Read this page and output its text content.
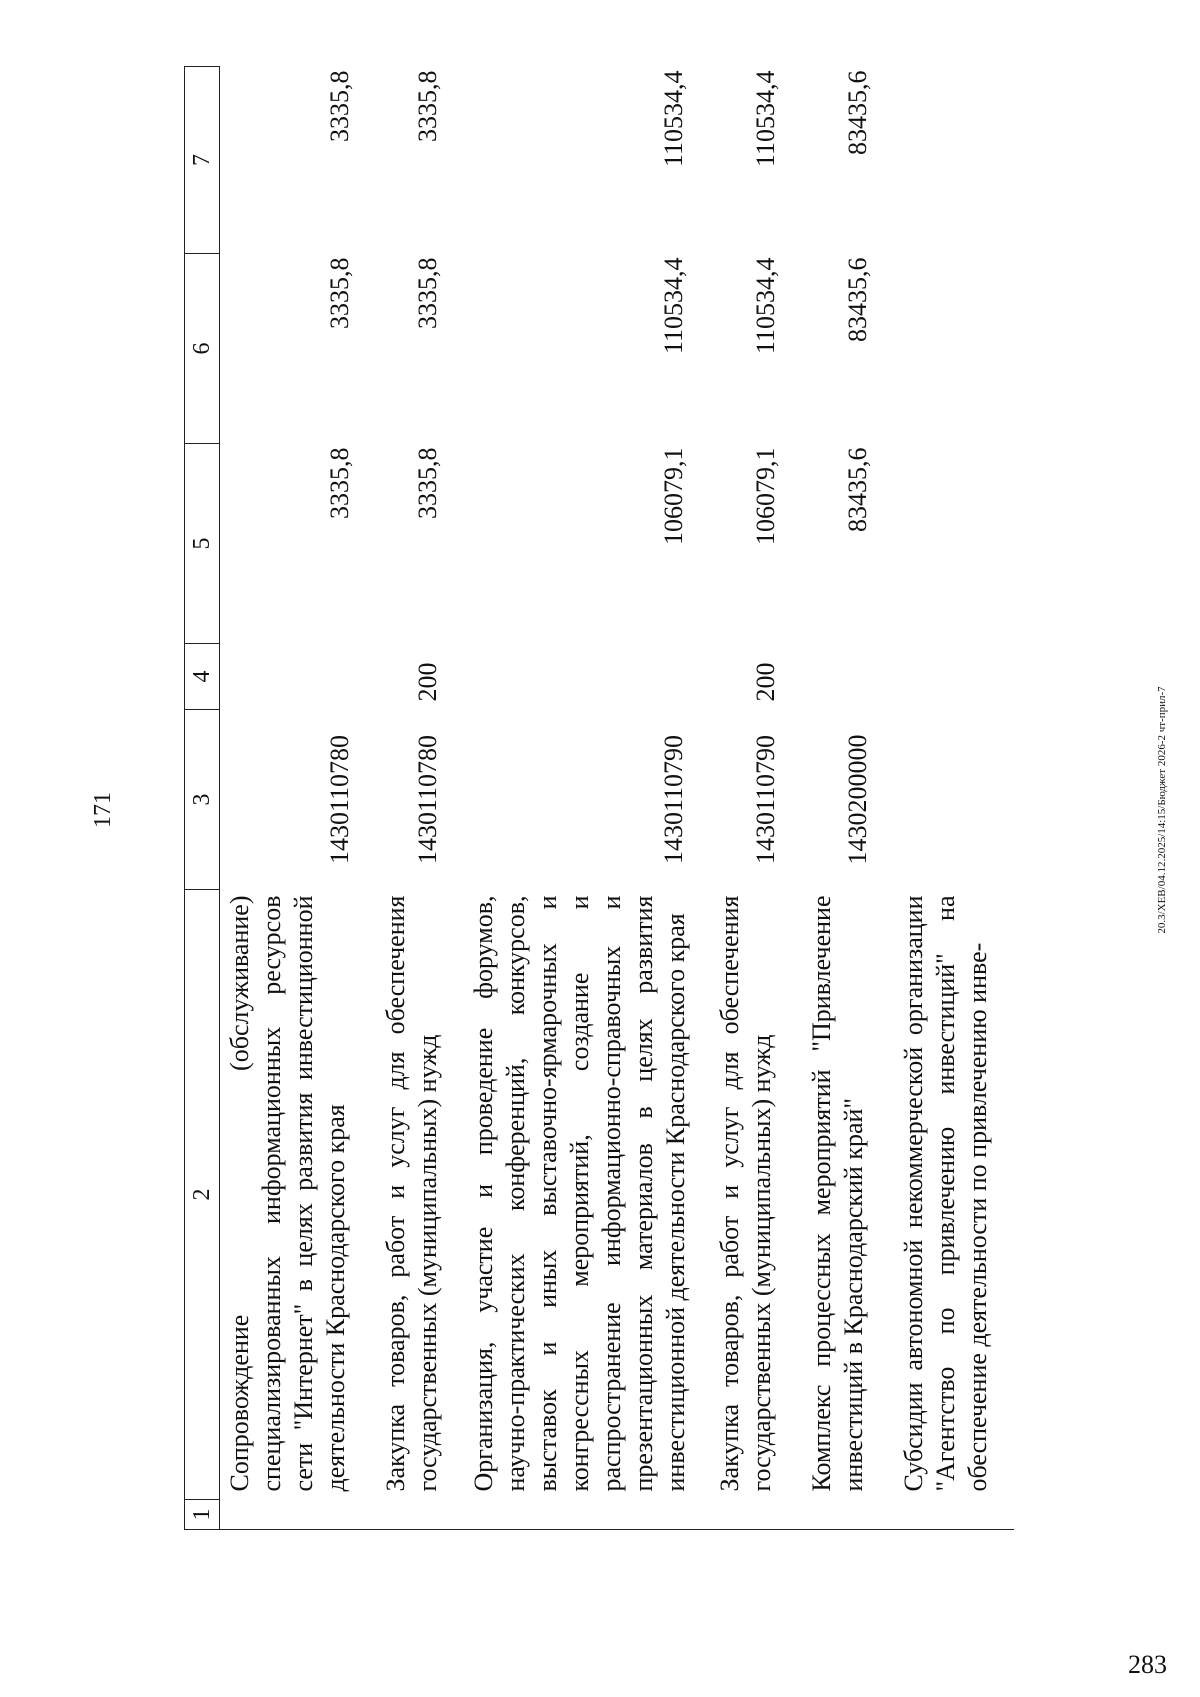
171
1	2	3	4	5	6	7
	Сопровождение (обслуживание) специализированных информационных ресурсов сети "Интернет" в целях развития инвестиционной деятельности Краснодарского края	1430110780		3335,8	3335,8	3335,8
	Закупка товаров, работ и услуг для обеспечения государственных (муниципальных) нужд	1430110780	200	3335,8	3335,8	3335,8
	Организация, участие и проведение форумов, научно-практических конференций, конкурсов, выставок и иных выставочно-ярмарочных и конгрессных мероприятий, создание и распространение информационно-справочных и презентационных материалов в целях развития инвестиционной деятельности Краснодарского края	1430110790		106079,1	110534,4	110534,4
	Закупка товаров, работ и услуг для обеспечения государственных (муниципальных) нужд	1430110790	200	106079,1	110534,4	110534,4
	Комплекс процессных мероприятий "Привлечение инвестиций в Краснодарский край"	1430200000		83435,6	83435,6	83435,6
	Субсидии автономной некоммерческой организации "Агентство по привлечению инвестиций" на обеспечение деятельности по привлечению инве-					
20.3/ХЕВ/04.12.2025/14:15/Бюджет 2026-2 чт-прил-7
283
